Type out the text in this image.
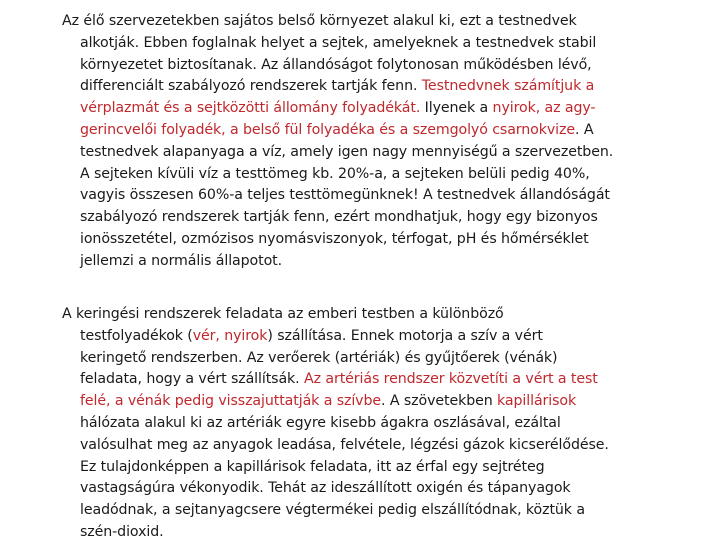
Az élő szervezetekben sajátos belső környezet alakul ki, ezt a testnedvek
alkotják. Ebben foglalnak helyet a sejtek, amelyeknek a testnedvek stabil
környezetet biztosítanak. Az állandóságot folytonosan működésben lévő,
differenciált szabályozó rendszerek tartják fenn. Testnedvnek számítjuk a
vérplazmát és a sejtközötti állomány folyadékát. Ilyenek a nyirok, az agy-
gerincvelői folyadék, a belső fül folyadéka és a szemgolyó csarnokvize. A
testnedvek alapanyaga a víz, amely igen nagy mennyiségű a szervezetben.
A sejteken kívüli víz a testtömeg kb. 20%-a, a sejteken belüli pedig 40%,
vagyis összesen 60%-a teljes testtömegünknek! A testnedvek állandóságát
szabályozó rendszerek tartják fenn, ezért mondhatjuk, hogy egy bizonyos
ionösszetétel, ozmózisos nyomásviszonyok, térfogat, pH és hőmérséklet
jellemzi a normális állapotot.

A keringési rendszerek feladata az emberi testben a különböző
testfolyadékok (vér, nyirok) szállítása. Ennek motorja a szív a vért
keringető rendszerben. Az verőerek (artériák) és gyűjtőerek (vénák)
feladata, hogy a vért szállítsák. Az artériás rendszer közvetíti a vért a test
felé, a vénák pedig visszajuttatják a szívbe. A szövetekben kapillárisok
hálózata alakul ki az artériák egyre kisebb ágakra oszlásával, ezáltal
valósulhat meg az anyagok leadása, felvétele, légzési gázok kicserélődése.
Ez tulajdonképpen a kapillárisok feladata, itt az érfal egy sejtréteg
vastagságúra vékonyodik. Tehát az ideszállított oxigén és tápanyagok
leadódnak, a sejtanyagcsere végtermékei pedig elszállítódnak, köztük a
szén-dioxid.
